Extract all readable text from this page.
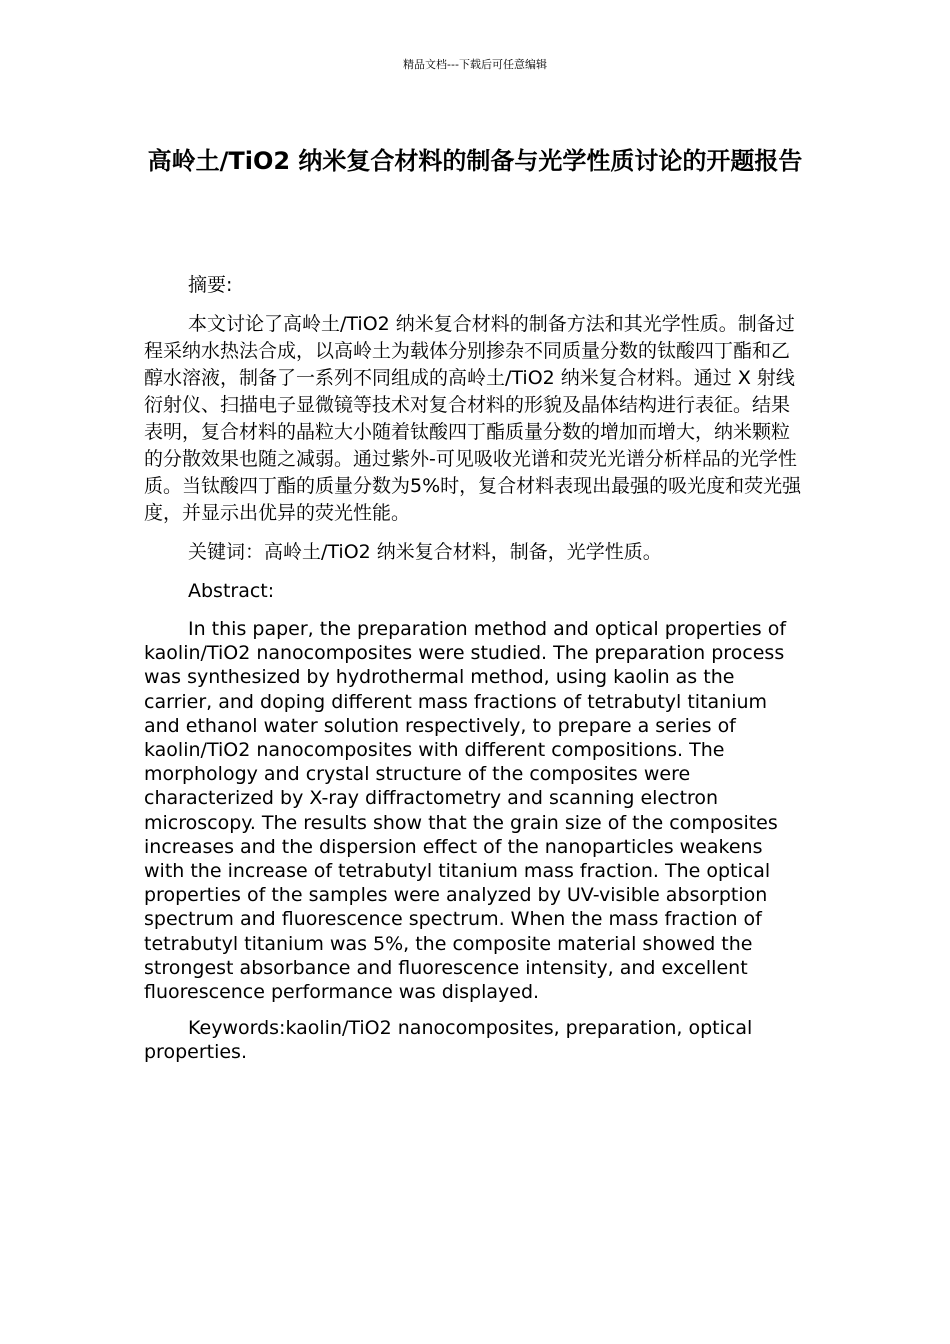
精品文档---下载后可任意编辑
高岭土/TiO2 纳米复合材料的制备与光学性质讨论的开题报告

摘要:

本文讨论了高岭土/TiO2 纳米复合材料的制备方法和其光学性质。制备过程采纳水热法合成，以高岭土为载体分别掺杂不同质量分数的钛酸四丁酯和乙醇水溶液，制备了一系列不同组成的高岭土/TiO2 纳米复合材料。通过 X 射线衍射仪、扫描电子显微镜等技术对复合材料的形貌及晶体结构进行表征。结果表明，复合材料的晶粒大小随着钛酸四丁酯质量分数的增加而增大，纳米颗粒的分散效果也随之减弱。通过紫外-可见吸收光谱和荧光光谱分析样品的光学性质。当钛酸四丁酯的质量分数为5%时，复合材料表现出最强的吸光度和荧光强度，并显示出优异的荧光性能。

关键词：高岭土/TiO2 纳米复合材料，制备，光学性质。

Abstract:

In this paper, the preparation method and optical properties of kaolin/TiO2 nanocomposites were studied. The preparation process was synthesized by hydrothermal method, using kaolin as the carrier, and doping different mass fractions of tetrabutyl titanium and ethanol water solution respectively, to prepare a series of kaolin/TiO2 nanocomposites with different compositions. The morphology and crystal structure of the composites were characterized by X-ray diffractometry and scanning electron microscopy. The results show that the grain size of the composites increases and the dispersion effect of the nanoparticles weakens with the increase of tetrabutyl titanium mass fraction. The optical properties of the samples were analyzed by UV-visible absorption spectrum and fluorescence spectrum. When the mass fraction of tetrabutyl titanium was 5%, the composite material showed the strongest absorbance and fluorescence intensity, and excellent fluorescence performance was displayed.

Keywords:kaolin/TiO2 nanocomposites, preparation, optical properties.
